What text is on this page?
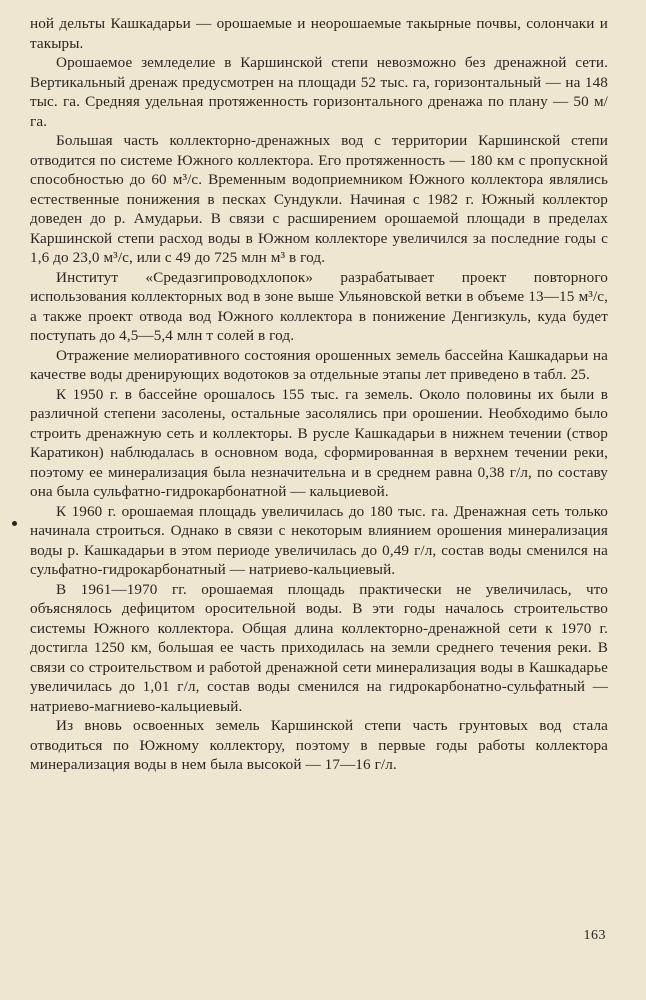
ной дельты Кашкадарьи — орошаемые и неорошаемые такырные почвы, солончаки и такыры.

Орошаемое земледелие в Каршинской степи невозможно без дренажной сети. Вертикальный дренаж предусмотрен на площади 52 тыс. га, горизонтальный — на 148 тыс. га. Средняя удельная протяженность горизонтального дренажа по плану — 50 м/га.

Большая часть коллекторно-дренажных вод с территории Каршинской степи отводится по системе Южного коллектора. Его протяженность — 180 км с пропускной способностью до 60 м³/с. Временным водоприемником Южного коллектора являлись естественные понижения в песках Сундукли. Начиная с 1982 г. Южный коллектор доведен до р. Амударьи. В связи с расширением орошаемой площади в пределах Каршинской степи расход воды в Южном коллекторе увеличился за последние годы с 1,6 до 23,0 м³/с, или с 49 до 725 млн м³ в год.

Институт «Средазгипроводхлопок» разрабатывает проект повторного использования коллекторных вод в зоне выше Ульяновской ветки в объеме 13—15 м³/с, а также проект отвода вод Южного коллектора в понижение Денгизкуль, куда будет поступать до 4,5—5,4 млн т солей в год.

Отражение мелиоративного состояния орошенных земель бассейна Кашкадарьи на качестве воды дренирующих водотоков за отдельные этапы лет приведено в табл. 25.

К 1950 г. в бассейне орошалось 155 тыс. га земель. Около половины их были в различной степени засолены, остальные засолялись при орошении. Необходимо было строить дренажную сеть и коллекторы. В русле Кашкадарьи в нижнем течении (створ Каратикон) наблюдалась в основном вода, сформированная в верхнем течении реки, поэтому ее минерализация была незначительна и в среднем равна 0,38 г/л, по составу она была сульфатно-гидрокарбонатной — кальциевой.

К 1960 г. орошаемая площадь увеличилась до 180 тыс. га. Дренажная сеть только начинала строиться. Однако в связи с некоторым влиянием орошения минерализация воды р. Кашкадарьи в этом периоде увеличилась до 0,49 г/л, состав воды сменился на сульфатно-гидрокарбонатный — натриево-кальциевый.

В 1961—1970 гг. орошаемая площадь практически не увеличилась, что объяснялось дефицитом оросительной воды. В эти годы началось строительство системы Южного коллектора. Общая длина коллекторно-дренажной сети к 1970 г. достигла 1250 км, большая ее часть приходилась на земли среднего течения реки. В связи со строительством и работой дренажной сети минерализация воды в Кашкадарье увеличилась до 1,01 г/л, состав воды сменился на гидрокарбонатно-сульфатный — натриево-магниево-кальциевый.

Из вновь освоенных земель Каршинской степи часть грунтовых вод стала отводиться по Южному коллектору, поэтому в первые годы работы коллектора минерализация воды в нем была высокой — 17—16 г/л.

163
